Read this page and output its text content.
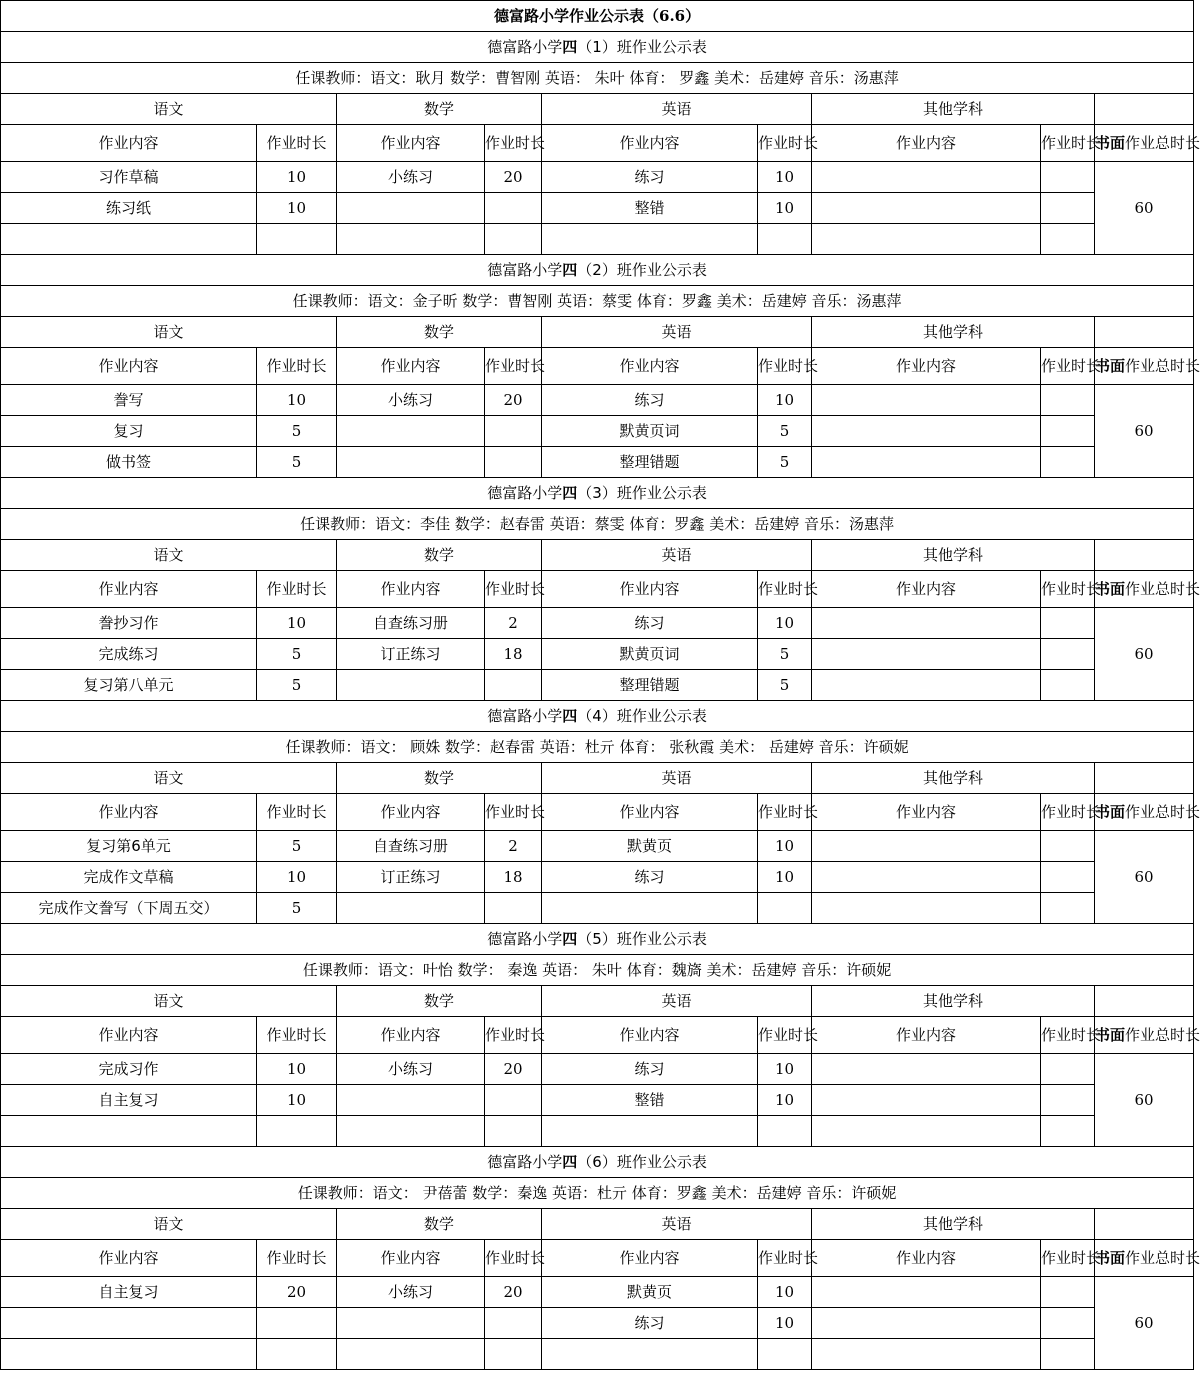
德富路小学作业公示表（6.6）								
德富路小学四（1）班作业公示表								
任课教师：语文：耿月 数学：曹智刚 英语： 朱叶 体育： 罗鑫 美术：岳建婷 音乐：汤惠萍								
语文		数学		英语		其他学科		
作业内容	作业时长	作业内容	作业时长	作业内容	作业时长	作业内容	作业时长	书面作业总时长
习作草稿	10	小练习	20	练习	10			60
练习纸	10			整错	10			

德富路小学四（2）班作业公示表								
任课教师：语文：金子昕 数学：曹智刚 英语：蔡雯 体育：罗鑫 美术：岳建婷 音乐：汤惠萍								
语文		数学		英语		其他学科		
作业内容	作业时长	作业内容	作业时长	作业内容	作业时长	作业内容	作业时长	书面作业总时长
誊写	10	小练习	20	练习	10			60
复习	5			默黄页词	5			
做书签	5			整理错题	5			
德富路小学四（3）班作业公示表								
任课教师：语文：李佳 数学：赵春雷 英语：蔡雯 体育：罗鑫 美术：岳建婷 音乐：汤惠萍								
语文		数学		英语		其他学科		
作业内容	作业时长	作业内容	作业时长	作业内容	作业时长	作业内容	作业时长	书面作业总时长
誊抄习作	10	自查练习册	2	练习	10			60
完成练习	5	订正练习	18	默黄页词	5			
复习第八单元	5			整理错题	5			
德富路小学四（4）班作业公示表								
任课教师：语文： 顾姝 数学：赵春雷 英语：杜亓 体育： 张秋霞 美术： 岳建婷 音乐：许硕妮								
语文		数学		英语		其他学科		
作业内容	作业时长	作业内容	作业时长	作业内容	作业时长	作业内容	作业时长	书面作业总时长
复习第6单元	5	自查练习册	2	默黄页	10			60
完成作文草稿	10	订正练习	18	练习	10			
完成作文誊写（下周五交）	5							
德富路小学四（5）班作业公示表								
任课教师：语文：叶怡 数学： 秦逸 英语： 朱叶 体育：魏旖 美术：岳建婷 音乐：许硕妮								
语文		数学		英语		其他学科		
作业内容	作业时长	作业内容	作业时长	作业内容	作业时长	作业内容	作业时长	书面作业总时长
完成习作	10	小练习	20	练习	10			60
自主复习	10			整错	10			

德富路小学四（6）班作业公示表								
任课教师：语文： 尹蓓蕾 数学：秦逸 英语：杜亓 体育：罗鑫 美术：岳建婷 音乐：许硕妮								
语文		数学		英语		其他学科		
作业内容	作业时长	作业内容	作业时长	作业内容	作业时长	作业内容	作业时长	书面作业总时长
自主复习	20	小练习	20	默黄页	10			60
				练习	10			
